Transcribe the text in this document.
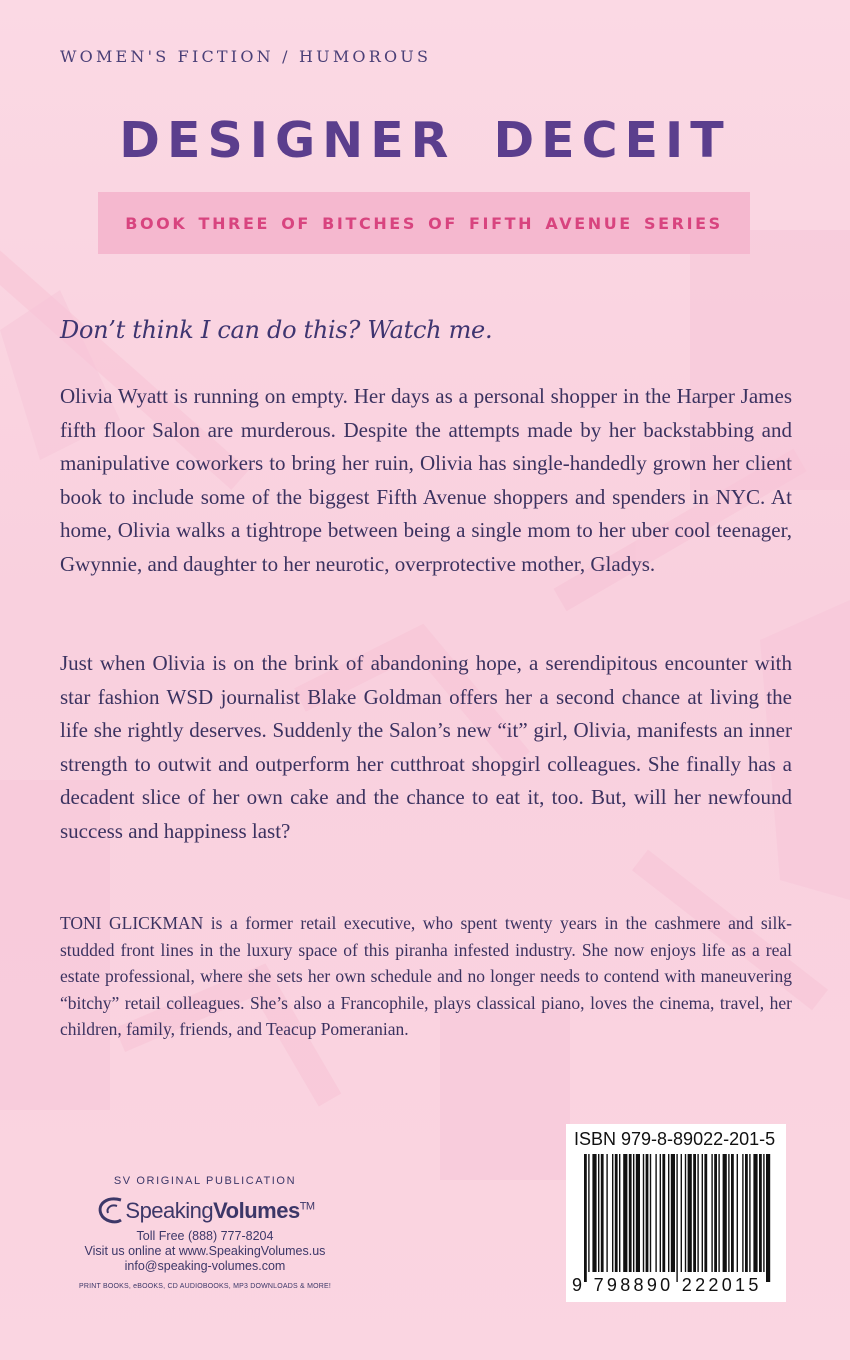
WOMEN'S FICTION / HUMOROUS
DESIGNER DECEIT
BOOK THREE OF BITCHES OF FIFTH AVENUE SERIES
Don’t think I can do this? Watch me.
Olivia Wyatt is running on empty. Her days as a personal shopper in the Harper James fifth floor Salon are murderous. Despite the attempts made by her backstabbing and manipulative coworkers to bring her ruin, Olivia has single-handedly grown her client book to include some of the biggest Fifth Avenue shoppers and spenders in NYC. At home, Olivia walks a tightrope between being a single mom to her uber cool teenager, Gwynnie, and daughter to her neurotic, overprotective mother, Gladys.
Just when Olivia is on the brink of abandoning hope, a serendipitous encounter with star fashion WSD journalist Blake Goldman offers her a second chance at living the life she rightly deserves. Suddenly the Salon’s new “it” girl, Olivia, manifests an inner strength to outwit and outperform her cutthroat shopgirl colleagues. She finally has a decadent slice of her own cake and the chance to eat it, too. But, will her newfound success and happiness last?
TONI GLICKMAN is a former retail executive, who spent twenty years in the cashmere and silk-studded front lines in the luxury space of this piranha infested industry. She now enjoys life as a real estate professional, where she sets her own schedule and no longer needs to contend with maneuvering “bitchy” retail colleagues. She’s also a Francophile, plays classical piano, loves the cinema, travel, her children, family, friends, and Teacup Pomeranian.
SV ORIGINAL PUBLICATION
SpeakingVolumes™
Toll Free (888) 777-8204
Visit us online at www.SpeakingVolumes.us
info@speaking-volumes.com
PRINT BOOKS, eBOOKS, CD AUDIOBOOKS, MP3 DOWNLOADS & MORE!
ISBN 979-8-89022-201-5
9 798890 222015
